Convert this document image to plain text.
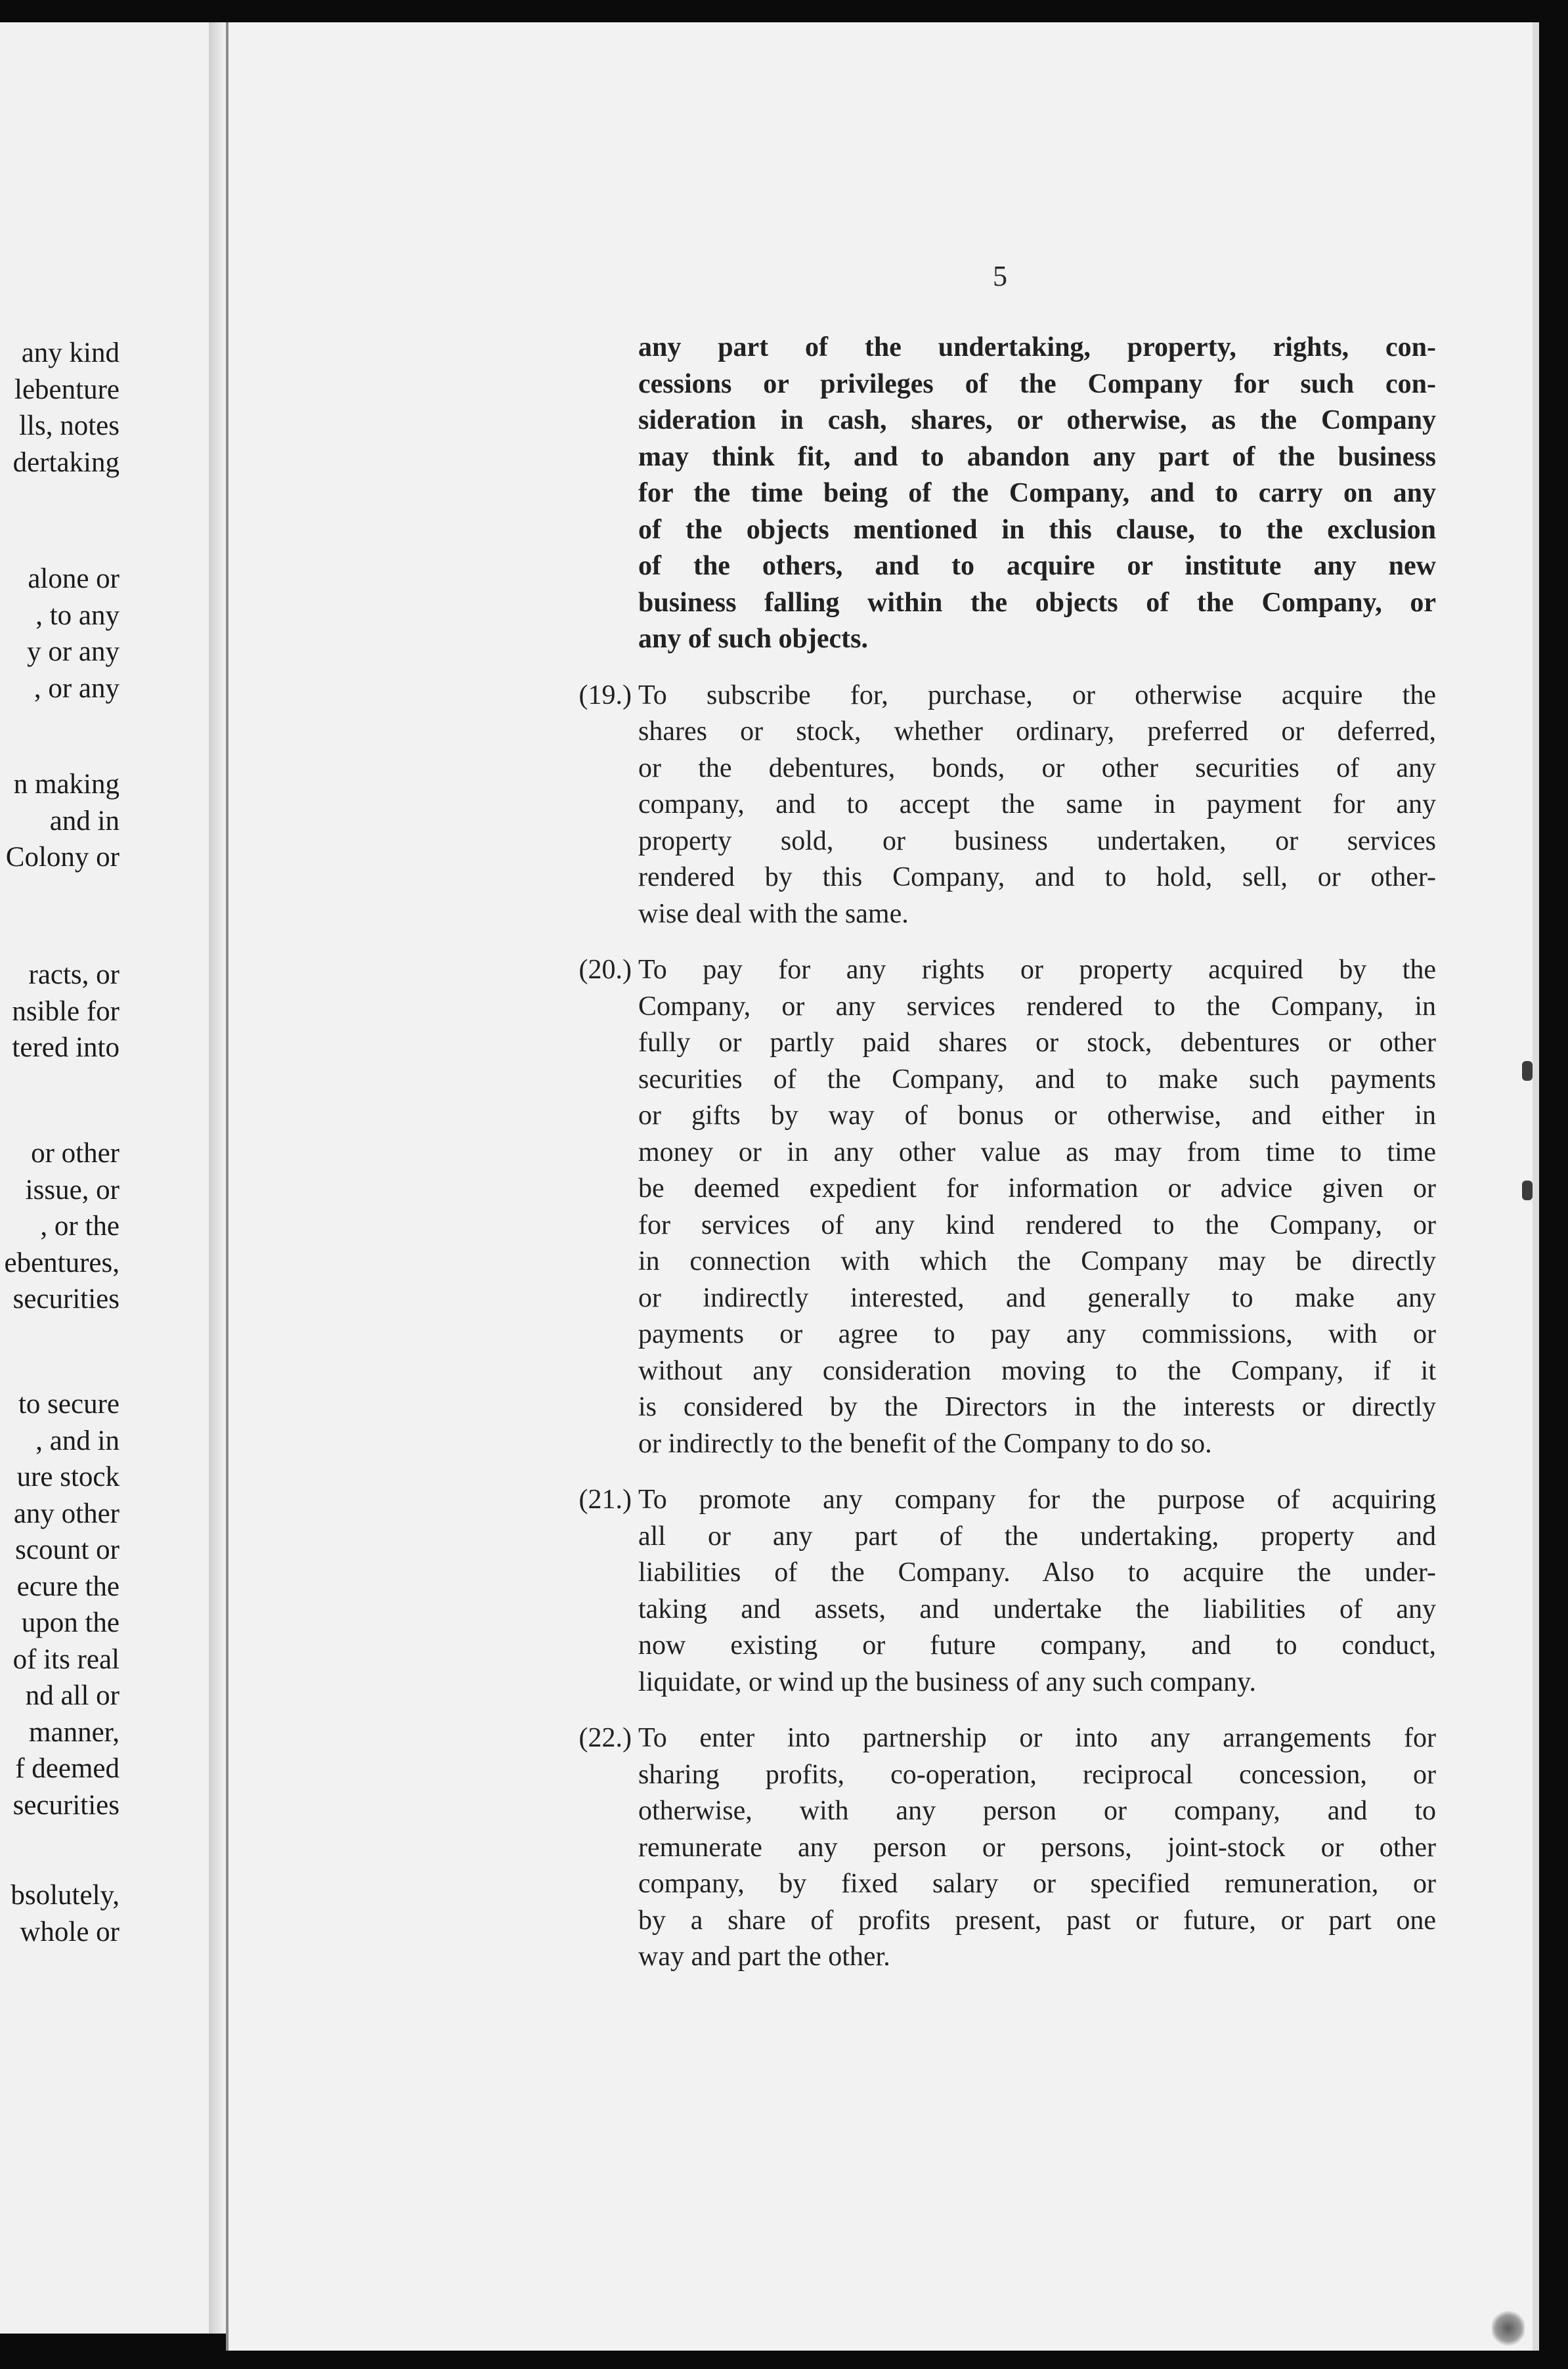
any kind
lebenture
lls, notes
dertaking
alone or
, to any
y or any
, or any
n making
and in
Colony or
racts, or
nsible for
tered into
or other
issue, or
, or the
ebentures,
securities
to secure
, and in
ure stock
any other
scount or
ecure the
upon the
of its real
nd all or
manner,
f deemed
securities
bsolutely,
whole or
5
any part of the undertaking, property, rights, con-
cessions or privileges of the Company for such con-
sideration in cash, shares, or otherwise, as the Company
may think fit, and to abandon any part of the business
for the time being of the Company, and to carry on any
of the objects mentioned in this clause, to the exclusion
of the others, and to acquire or institute any new
business falling within the objects of the Company, or
any of such objects.
(19.) To subscribe for, purchase, or otherwise acquire the
shares or stock, whether ordinary, preferred or deferred,
or the debentures, bonds, or other securities of any
company, and to accept the same in payment for any
property sold, or business undertaken, or services
rendered by this Company, and to hold, sell, or other-
wise deal with the same.
(20.) To pay for any rights or property acquired by the
Company, or any services rendered to the Company, in
fully or partly paid shares or stock, debentures or other
securities of the Company, and to make such payments
or gifts by way of bonus or otherwise, and either in
money or in any other value as may from time to time
be deemed expedient for information or advice given or
for services of any kind rendered to the Company, or
in connection with which the Company may be directly
or indirectly interested, and generally to make any
payments or agree to pay any commissions, with or
without any consideration moving to the Company, if it
is considered by the Directors in the interests or directly
or indirectly to the benefit of the Company to do so.
(21.) To promote any company for the purpose of acquiring
all or any part of the undertaking, property and
liabilities of the Company. Also to acquire the under-
taking and assets, and undertake the liabilities of any
now existing or future company, and to conduct,
liquidate, or wind up the business of any such company.
(22.) To enter into partnership or into any arrangements for
sharing profits, co-operation, reciprocal concession, or
otherwise, with any person or company, and to
remunerate any person or persons, joint-stock or other
company, by fixed salary or specified remuneration, or
by a share of profits present, past or future, or part one
way and part the other.
